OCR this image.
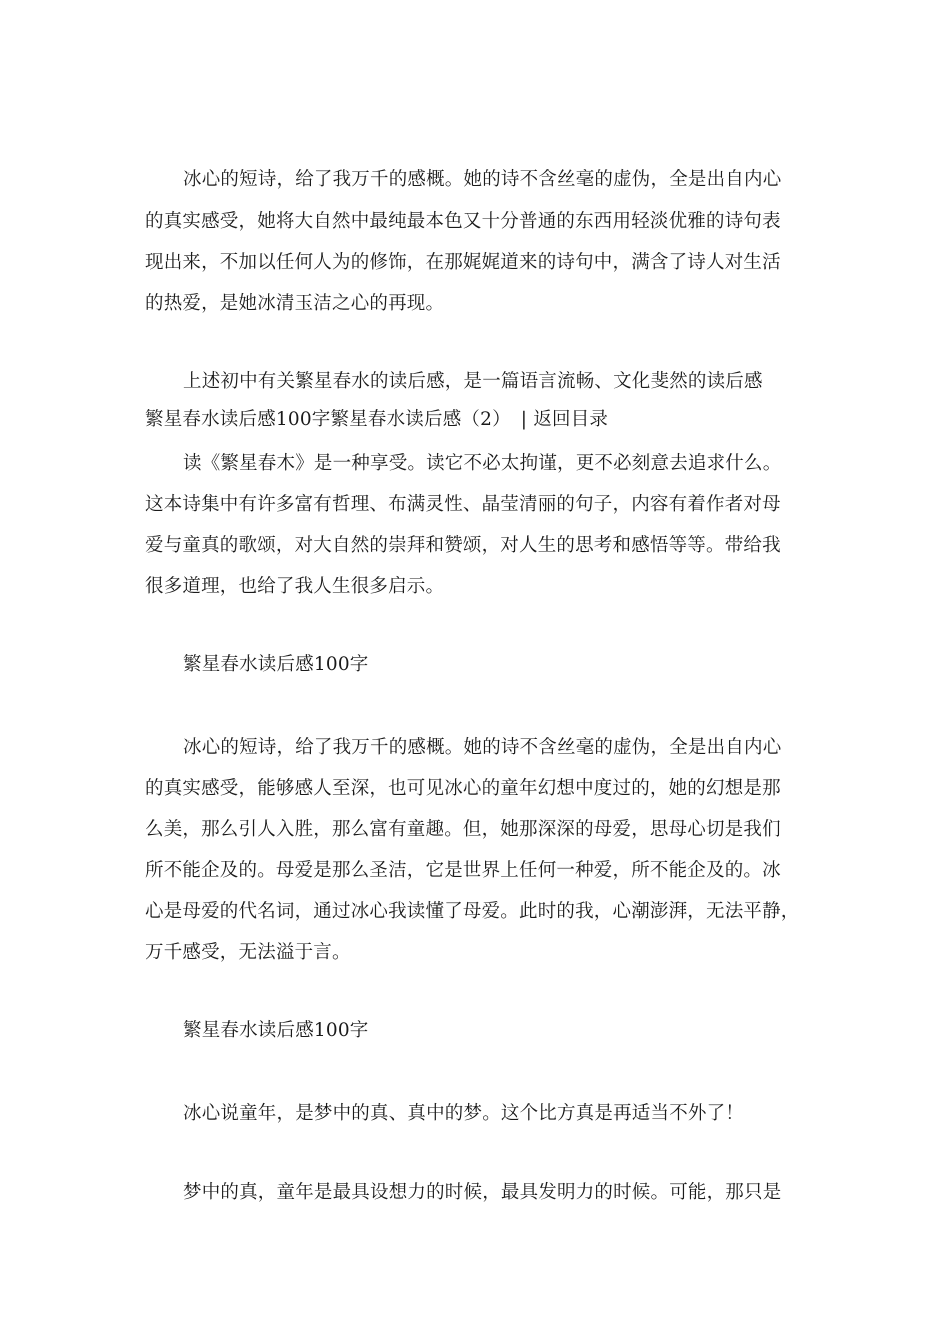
冰心的短诗，给了我万千的感概。她的诗不含丝毫的虚伪，全是出自内心
的真实感受，她将大自然中最纯最本色又十分普通的东西用轻淡优雅的诗句表
现出来，不加以任何人为的修饰，在那娓娓道来的诗句中，满含了诗人对生活
的热爱，是她冰清玉洁之心的再现。
上述初中有关繁星春水的读后感，是一篇语言流畅、文化斐然的读后感
繁星春水读后感100字繁星春水读后感（2） | 返回目录
读《繁星春木》是一种享受。读它不必太拘谨，更不必刻意去追求什么。
这本诗集中有许多富有哲理、布满灵性、晶莹清丽的句子，内容有着作者对母
爱与童真的歌颂，对大自然的崇拜和赞颂，对人生的思考和感悟等等。带给我
很多道理，也给了我人生很多启示。
繁星春水读后感100字
冰心的短诗，给了我万千的感概。她的诗不含丝毫的虚伪，全是出自内心
的真实感受，能够感人至深，也可见冰心的童年幻想中度过的，她的幻想是那
么美，那么引人入胜，那么富有童趣。但，她那深深的母爱，思母心切是我们
所不能企及的。母爱是那么圣洁，它是世界上任何一种爱，所不能企及的。冰
心是母爱的代名词，通过冰心我读懂了母爱。此时的我，心潮澎湃，无法平静，
万千感受，无法溢于言。
繁星春水读后感100字
冰心说童年，是梦中的真、真中的梦。这个比方真是再适当不外了！
梦中的真，童年是最具设想力的时候，最具发明力的时候。可能，那只是
